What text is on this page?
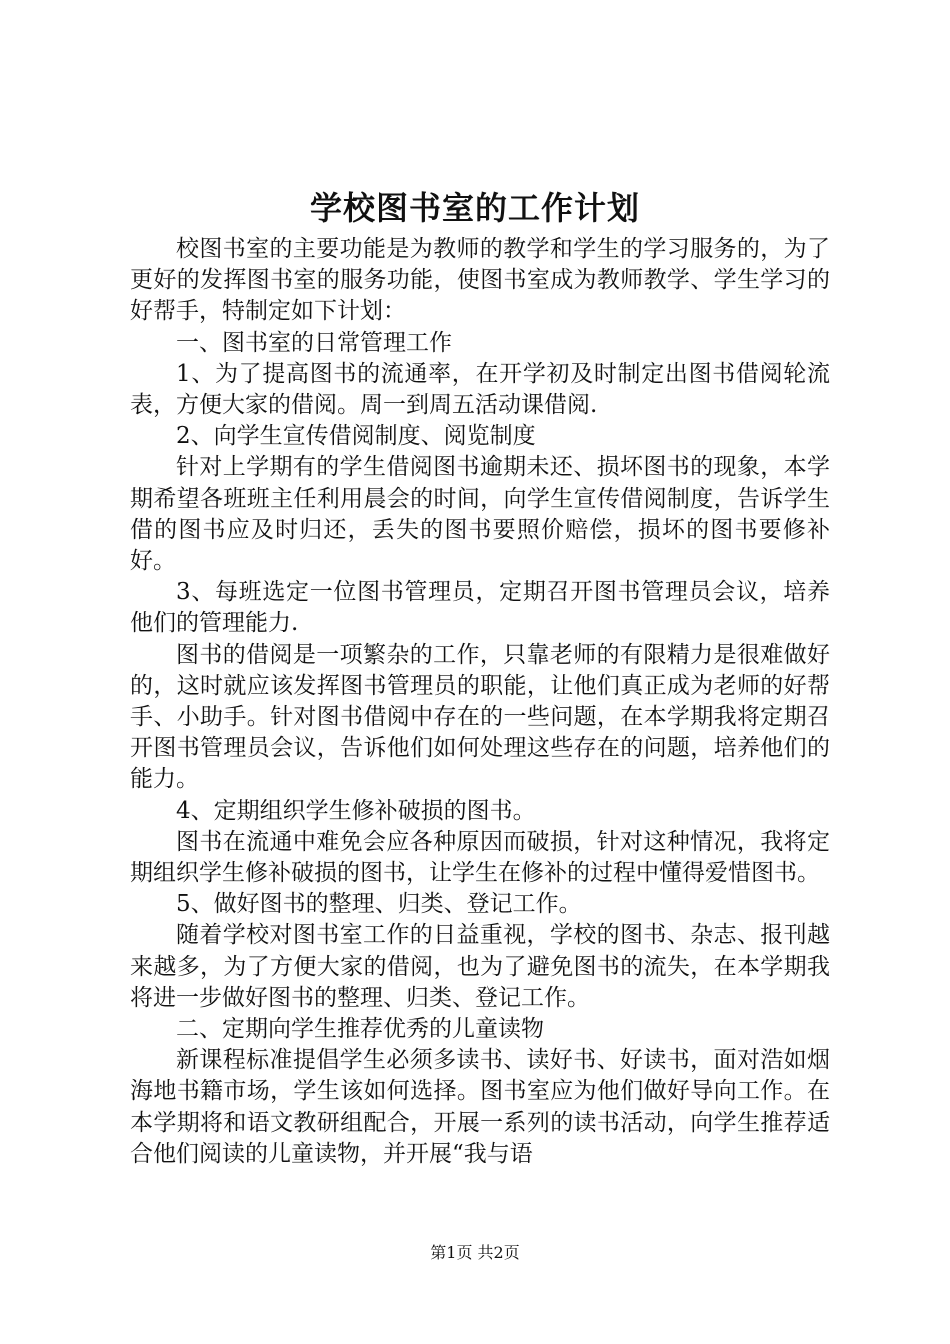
学校图书室的工作计划

校图书室的主要功能是为教师的教学和学生的学习服务的，为了更好的发挥图书室的服务功能，使图书室成为教师教学、学生学习的好帮手，特制定如下计划：

一、图书室的日常管理工作

1、为了提高图书的流通率，在开学初及时制定出图书借阅轮流表，方便大家的借阅。周一到周五活动课借阅.

2、向学生宣传借阅制度、阅览制度

针对上学期有的学生借阅图书逾期未还、损坏图书的现象，本学期希望各班班主任利用晨会的时间，向学生宣传借阅制度，告诉学生借的图书应及时归还，丢失的图书要照价赔偿，损坏的图书要修补好。

3、每班选定一位图书管理员，定期召开图书管理员会议，培养他们的管理能力.

图书的借阅是一项繁杂的工作，只靠老师的有限精力是很难做好的，这时就应该发挥图书管理员的职能，让他们真正成为老师的好帮手、小助手。针对图书借阅中存在的一些问题，在本学期我将定期召开图书管理员会议，告诉他们如何处理这些存在的问题，培养他们的能力。

4、定期组织学生修补破损的图书。

图书在流通中难免会应各种原因而破损，针对这种情况，我将定期组织学生修补破损的图书，让学生在修补的过程中懂得爱惜图书。

5、做好图书的整理、归类、登记工作。

随着学校对图书室工作的日益重视，学校的图书、杂志、报刊越来越多，为了方便大家的借阅，也为了避免图书的流失，在本学期我将进一步做好图书的整理、归类、登记工作。

二、定期向学生推荐优秀的儿童读物

新课程标准提倡学生必须多读书、读好书、好读书，面对浩如烟海地书籍市场，学生该如何选择。图书室应为他们做好导向工作。在本学期将和语文教研组配合，开展一系列的读书活动，向学生推荐适合他们阅读的儿童读物，并开展“我与语

第1页 共2页
